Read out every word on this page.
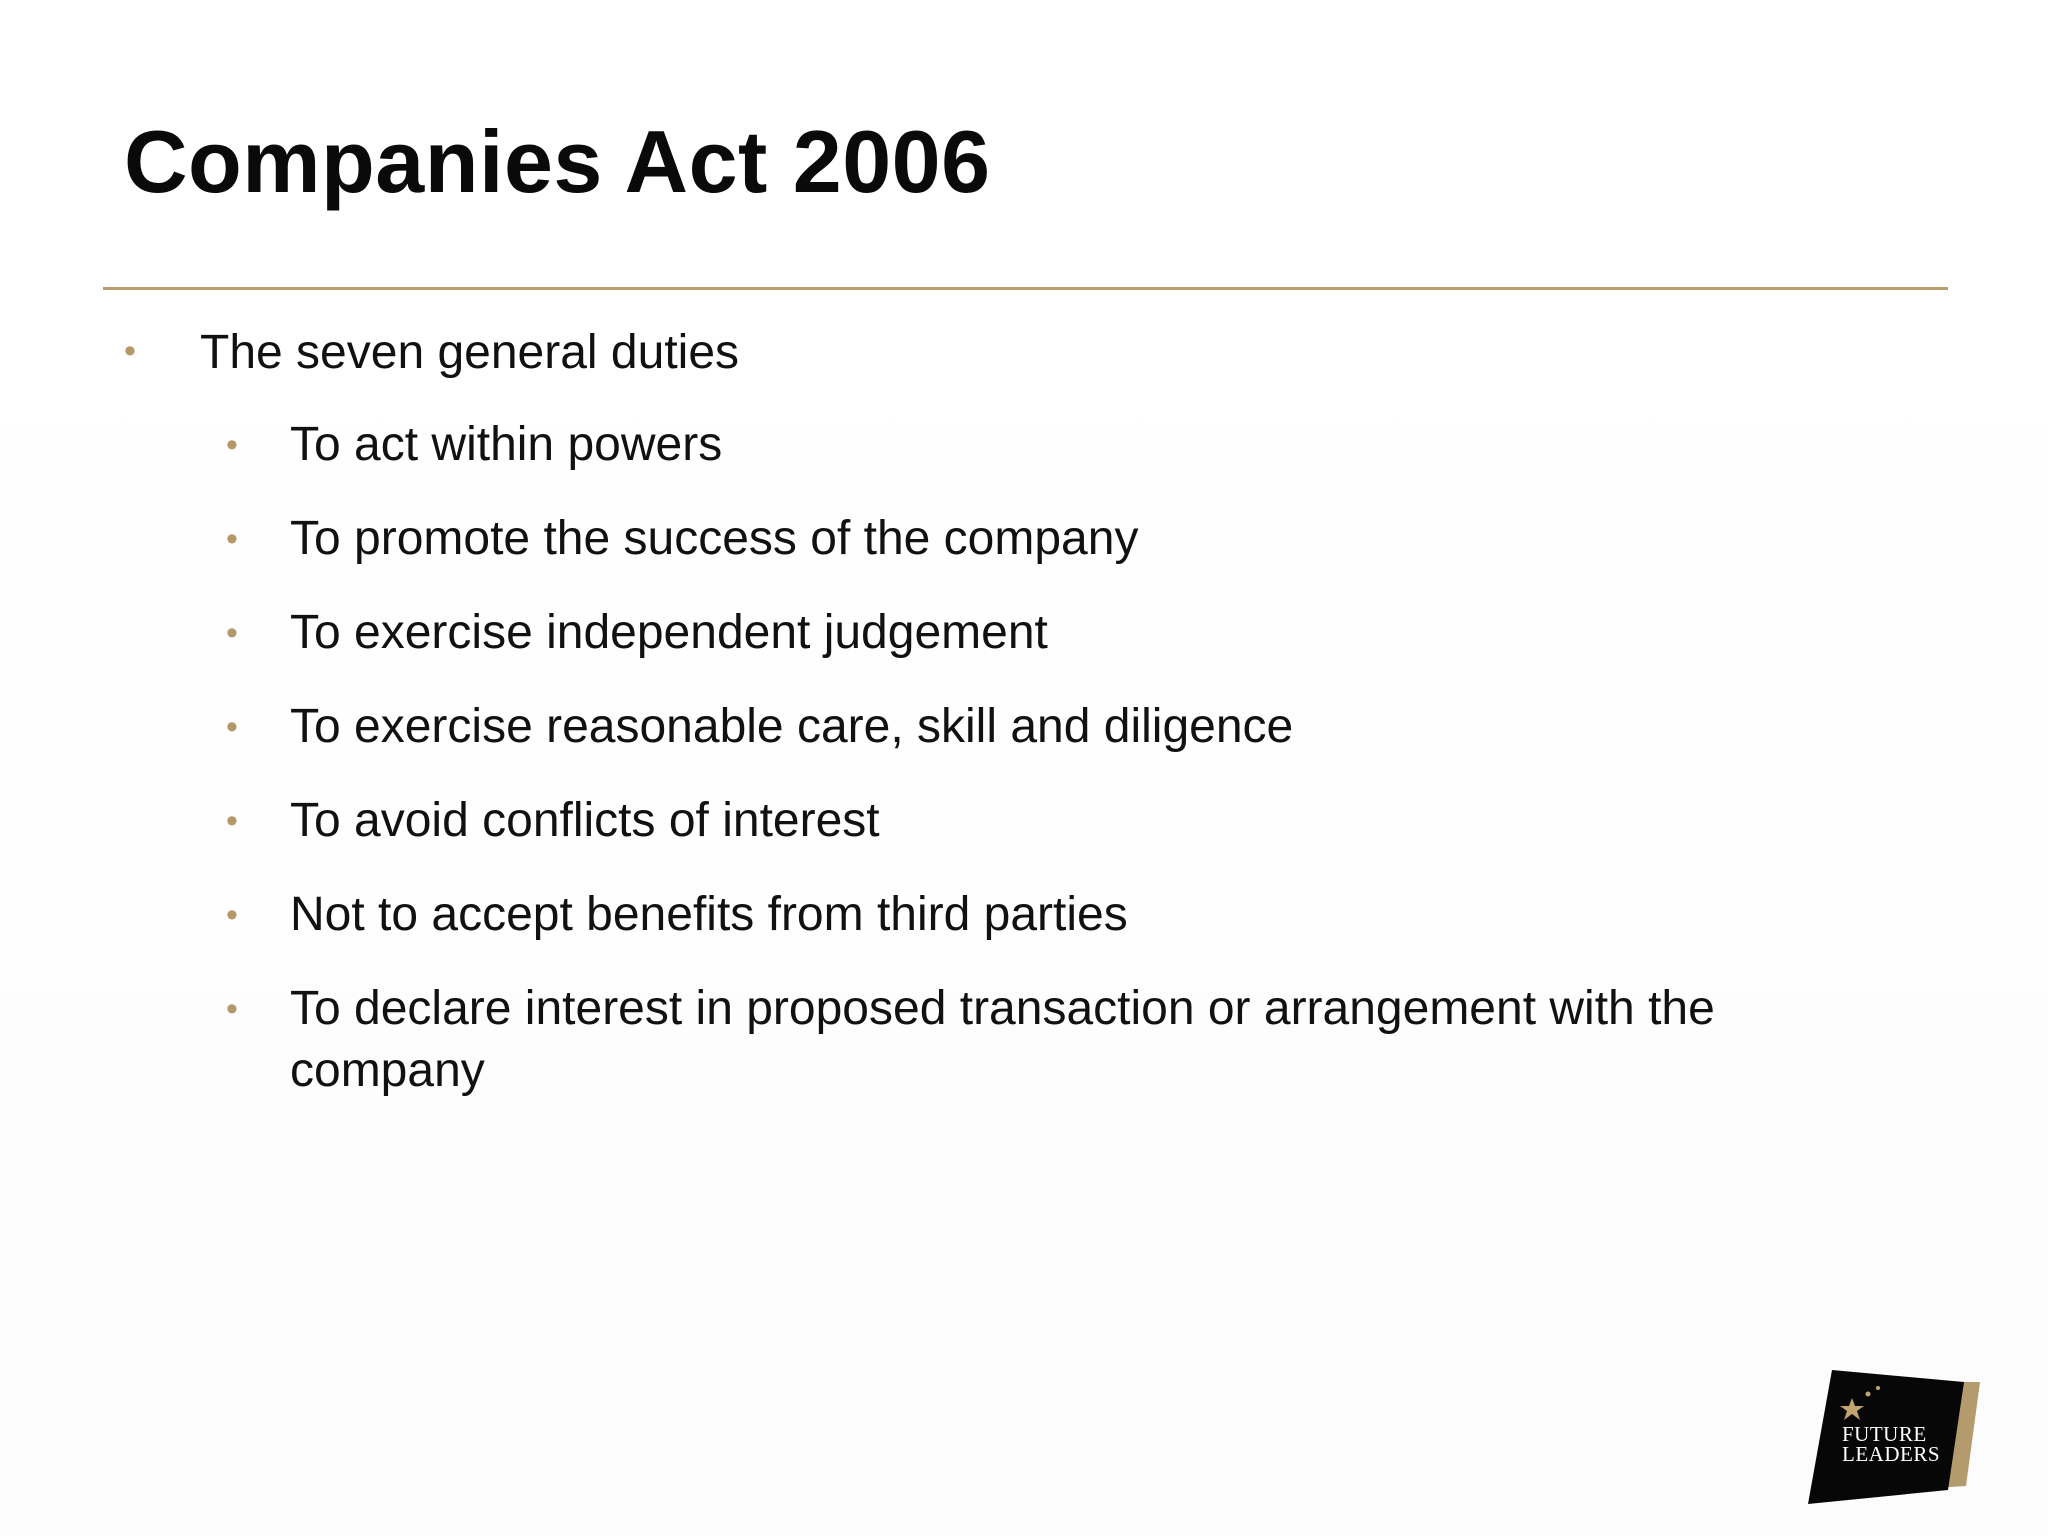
Companies Act 2006
• The seven general duties
• To act within powers
• To promote the success of the company
• To exercise independent judgement
• To exercise reasonable care, skill and diligence
• To avoid conflicts of interest
• Not to accept benefits from third parties
• To declare interest in proposed transaction or arrangement with the company
FUTURE
LEADERS
